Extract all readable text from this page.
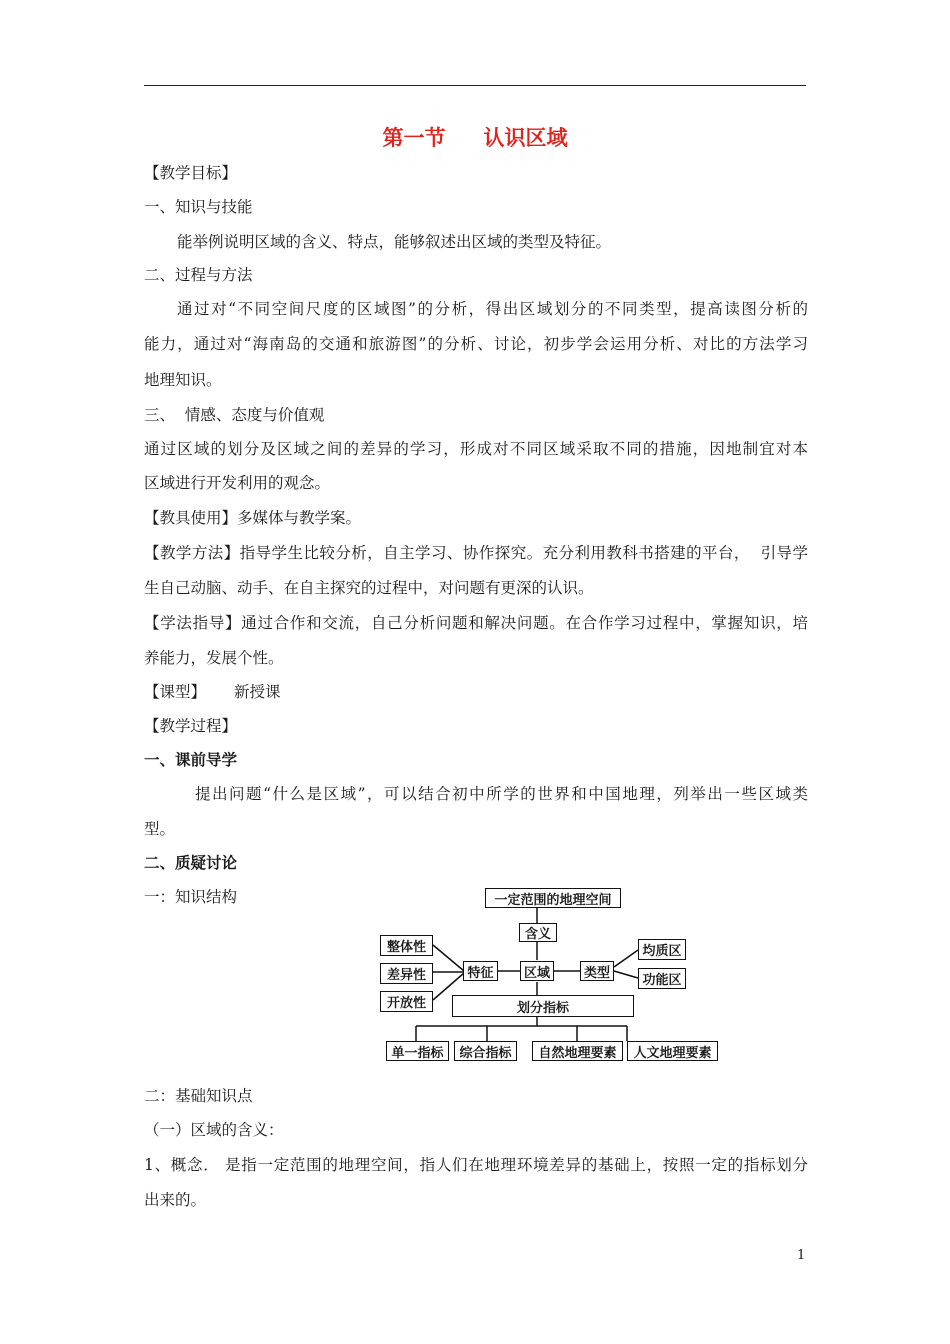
第一节 认识区域
【教学目标】
一、知识与技能
能举例说明区域的含义、特点，能够叙述出区域的类型及特征。
二、过程与方法
通过对“不同空间尺度的区域图”的分析，得出区域划分的不同类型，提高读图分析的
能力，通过对“海南岛的交通和旅游图”的分析、讨论，初步学会运用分析、对比的方法学习
地理知识。
三、  情感、态度与价值观
通过区域的划分及区域之间的差异的学习，形成对不同区域采取不同的措施，因地制宜对本
区域进行开发利用的观念。
【教具使用】多媒体与教学案。
【教学方法】指导学生比较分析，自主学习、协作探究。充分利用教科书搭建的平台，  引导学
生自己动脑、动手、在自主探究的过程中，对问题有更深的认识。
【学法指导】通过合作和交流，自己分析问题和解决问题。在合作学习过程中，掌握知识，培
养能力，发展个性。
【课型】 新授课
【教学过程】
一、课前导学
提出问题“什么是区域”，可以结合初中所学的世界和中国地理，列举出一些区域类
型。
二、质疑讨论
一：知识结构	一定范围的地理空间
含义
整体性
差异性
开放性
特征	区域	类型
均质区
功能区
划分指标
单一指标	综合指标	自然地理要素	人文地理要素
二：基础知识点
（一）区域的含义：
1、概念． 是指一定范围的地理空间，指人们在地理环境差异的基础上，按照一定的指标划分
出来的。
1
